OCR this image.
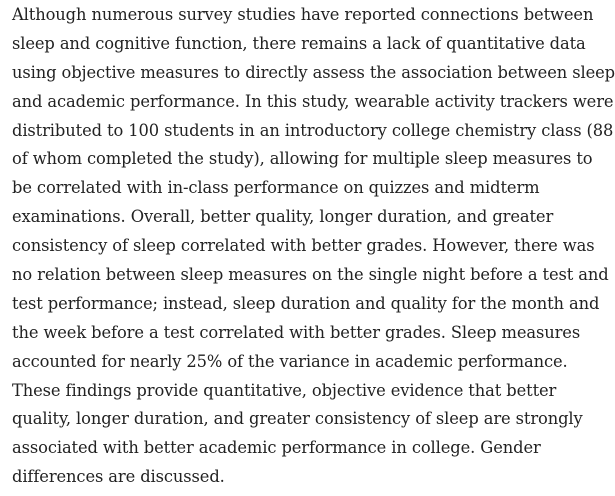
Although numerous survey studies have reported connections between
sleep and cognitive function, there remains a lack of quantitative data
using objective measures to directly assess the association between sleep
and academic performance. In this study, wearable activity trackers were
distributed to 100 students in an introductory college chemistry class (88
of whom completed the study), allowing for multiple sleep measures to
be correlated with in-class performance on quizzes and midterm
examinations. Overall, better quality, longer duration, and greater
consistency of sleep correlated with better grades. However, there was
no relation between sleep measures on the single night before a test and
test performance; instead, sleep duration and quality for the month and
the week before a test correlated with better grades. Sleep measures
accounted for nearly 25% of the variance in academic performance.
These findings provide quantitative, objective evidence that better
quality, longer duration, and greater consistency of sleep are strongly
associated with better academic performance in college. Gender
differences are discussed.
